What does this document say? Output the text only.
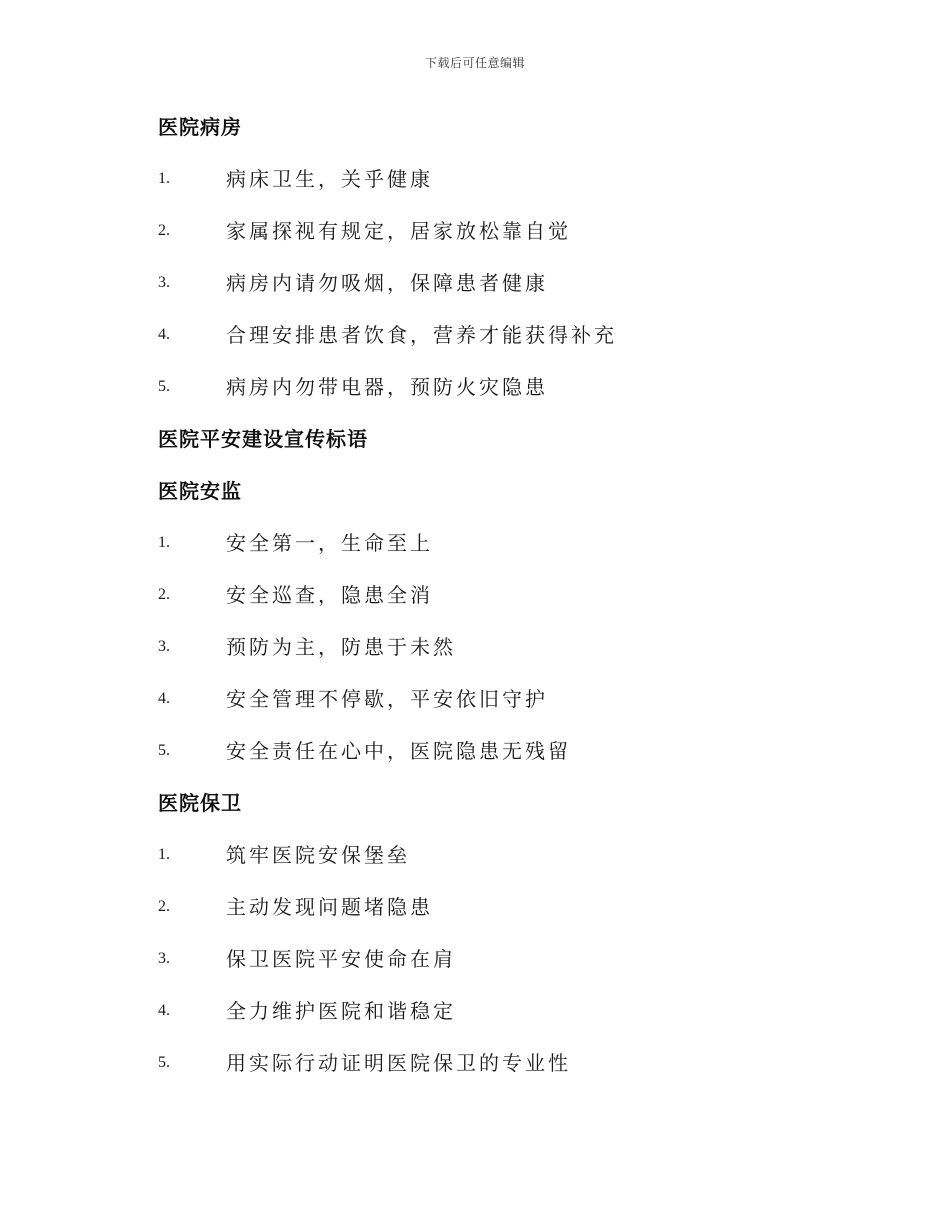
下载后可任意编辑
医院病房
1.	病床卫生，关乎健康
2.	家属探视有规定，居家放松靠自觉
3.	病房内请勿吸烟，保障患者健康
4.	合理安排患者饮食，营养才能获得补充
5.	病房内勿带电器，预防火灾隐患
医院平安建设宣传标语
医院安监
1.	安全第一，生命至上
2.	安全巡查，隐患全消
3.	预防为主，防患于未然
4.	安全管理不停歇，平安依旧守护
5.	安全责任在心中，医院隐患无残留
医院保卫
1.	筑牢医院安保堡垒
2.	主动发现问题堵隐患
3.	保卫医院平安使命在肩
4.	全力维护医院和谐稳定
5.	用实际行动证明医院保卫的专业性
